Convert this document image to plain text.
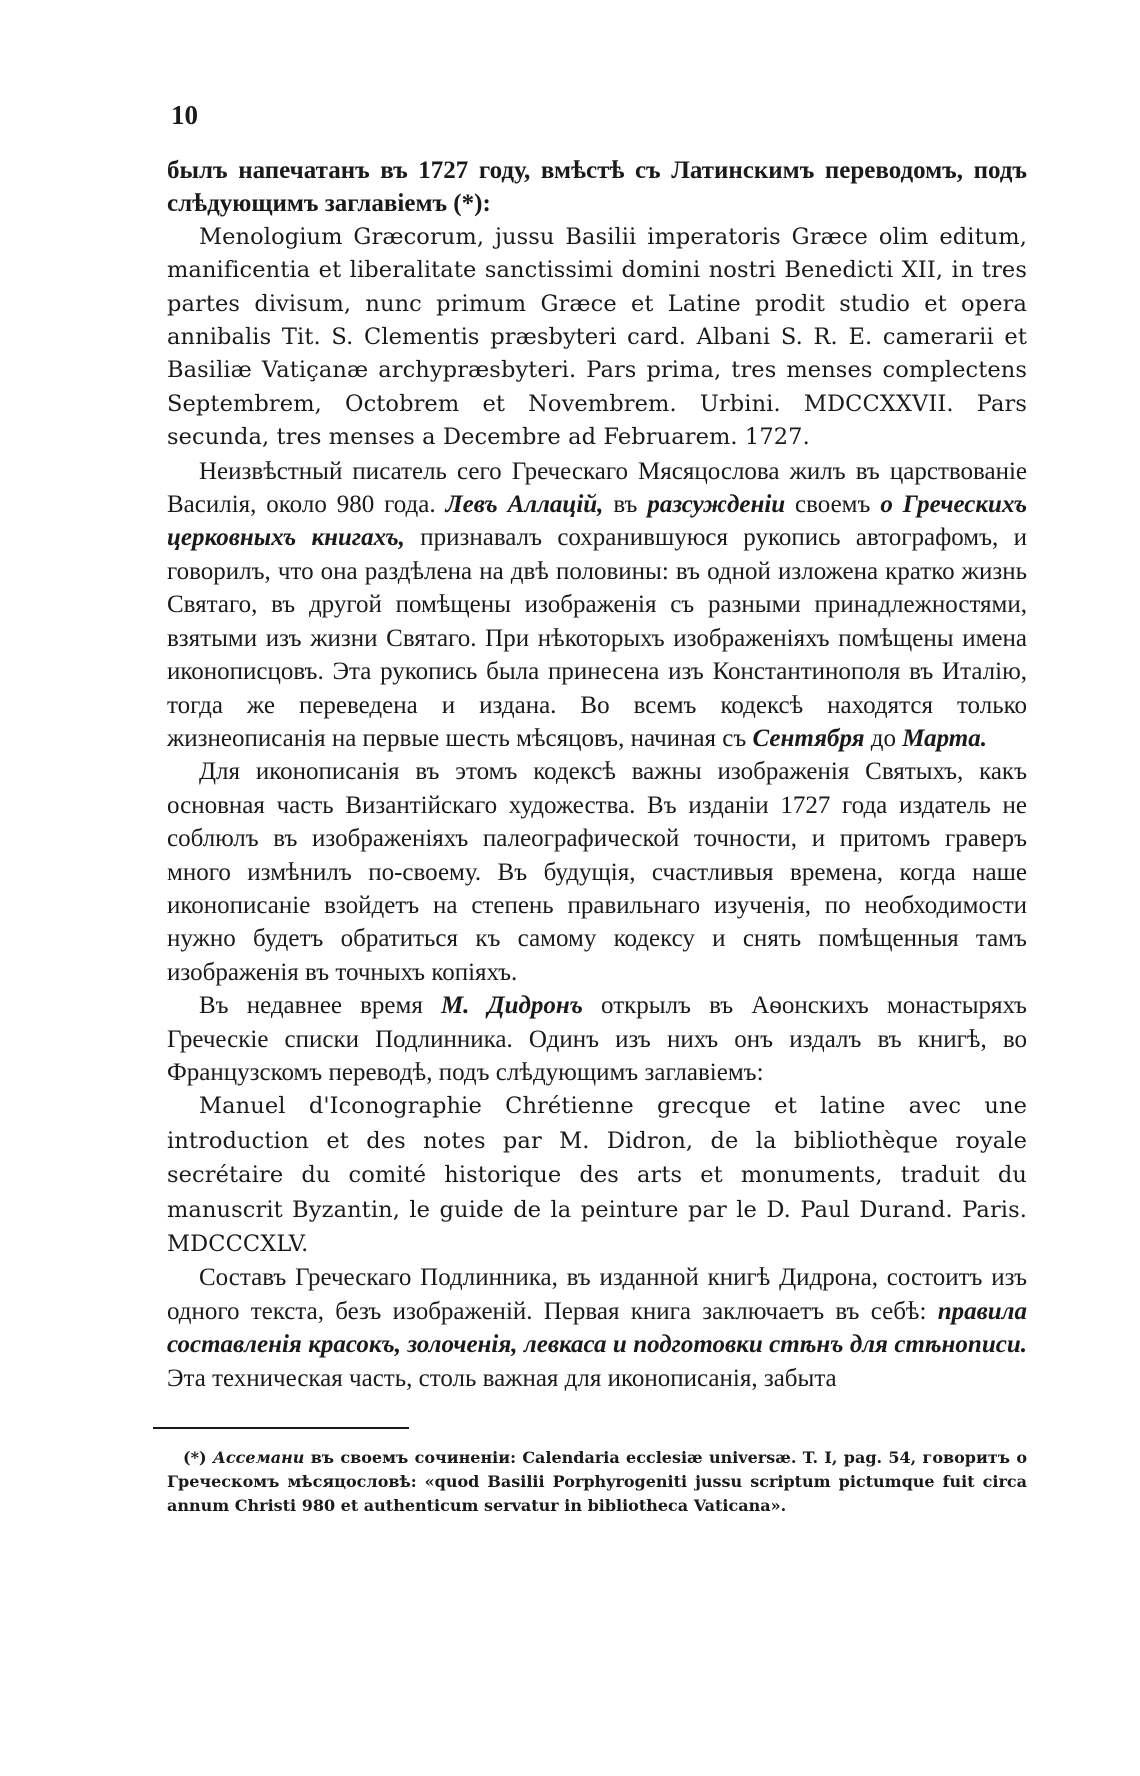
10

былъ напечатанъ въ 1727 году, вмѣстѣ съ Латинскимъ переводомъ, подъ слѣдующимъ заглавіемъ (*):

Menologium Græcorum, jussu Basilii imperatoris Græce olim editum, manificentia et liberalitate sanctissimi domini nostri Benedicti XII, in tres partes divisum, nunc primum Græce et Latine prodit studio et opera annibalis Tit. S. Clementis præsbyteri card. Albani S. R. E. camerarii et Basiliæ Vatiçanæ archypræsbyteri. Pars prima, tres menses complectens Septembrem, Octobrem et Novembrem. Urbini. MDCCXXVII. Pars secunda, tres menses a Decembre ad Februarem. 1727.

Неизвѣстный писатель сего Греческаго Мясяцослова жилъ въ царствованіе Василія, около 980 года. Левъ Аллацій, въ разсужденіи своемъ о Греческихъ церковныхъ книгахъ, признавалъ сохранившуюся рукопись автографомъ, и говорилъ, что она раздѣлена на двѣ половины: въ одной изложена кратко жизнь Святаго, въ другой помѣщены изображенія съ разными принадлежностями, взятыми изъ жизни Святаго. При нѣкоторыхъ изображеніяхъ помѣщены имена иконописцовъ. Эта рукопись была принесена изъ Константинополя въ Италію, тогда же переведена и издана. Во всемъ кодексѣ находятся только жизнеописанія на первые шесть мѣсяцовъ, начиная съ Сентября до Марта.

Для иконописанія въ этомъ кодексѣ важны изображенія Святыхъ, какъ основная часть Византійскаго художества. Въ изданіи 1727 года издатель не соблюлъ въ изображеніяхъ палеографической точности, и притомъ граверъ много измѣнилъ по-своему. Въ будущія, счастливыя времена, когда наше иконописаніе взойдетъ на степень правильнаго изученія, по необходимости нужно будетъ обратиться къ самому кодексу и снять помѣщенныя тамъ изображенія въ точныхъ копіяхъ.

Въ недавнее время М. Дидронъ открылъ въ Аѳонскихъ монастыряхъ Греческіе списки Подлинника. Одинъ изъ нихъ онъ издалъ въ книгѣ, во Французскомъ переводѣ, подъ слѣдующимъ заглавіемъ:

Manuel d'Iconographie Chrétienne grecque et latine avec une introduction et des notes par M. Didron, de la bibliothèque royale secrétaire du comité historique des arts et monuments, traduit du manuscrit Byzantin, le guide de la peinture par le D. Paul Durand. Paris. MDCCCXLV.

Составъ Греческаго Подлинника, въ изданной книгѣ Дидрона, состоитъ изъ одного текста, безъ изображеній. Первая книга заключаетъ въ себѣ: правила составленія красокъ, золоченія, левкаса и подготовки стѣнъ для стѣнописи. Эта техническая часть, столь важная для иконописанія, забыта

(*) Ассемани въ своемъ сочиненіи: Calendaria ecclesiæ universæ. T. I, pag. 54, говоритъ о Греческомъ мѣсяцословѣ: «quod Basilii Porphyrogeniti jussu scriptum pictumque fuit circa annum Christi 980 et authenticum servatur in bibliotheca Vaticana».
